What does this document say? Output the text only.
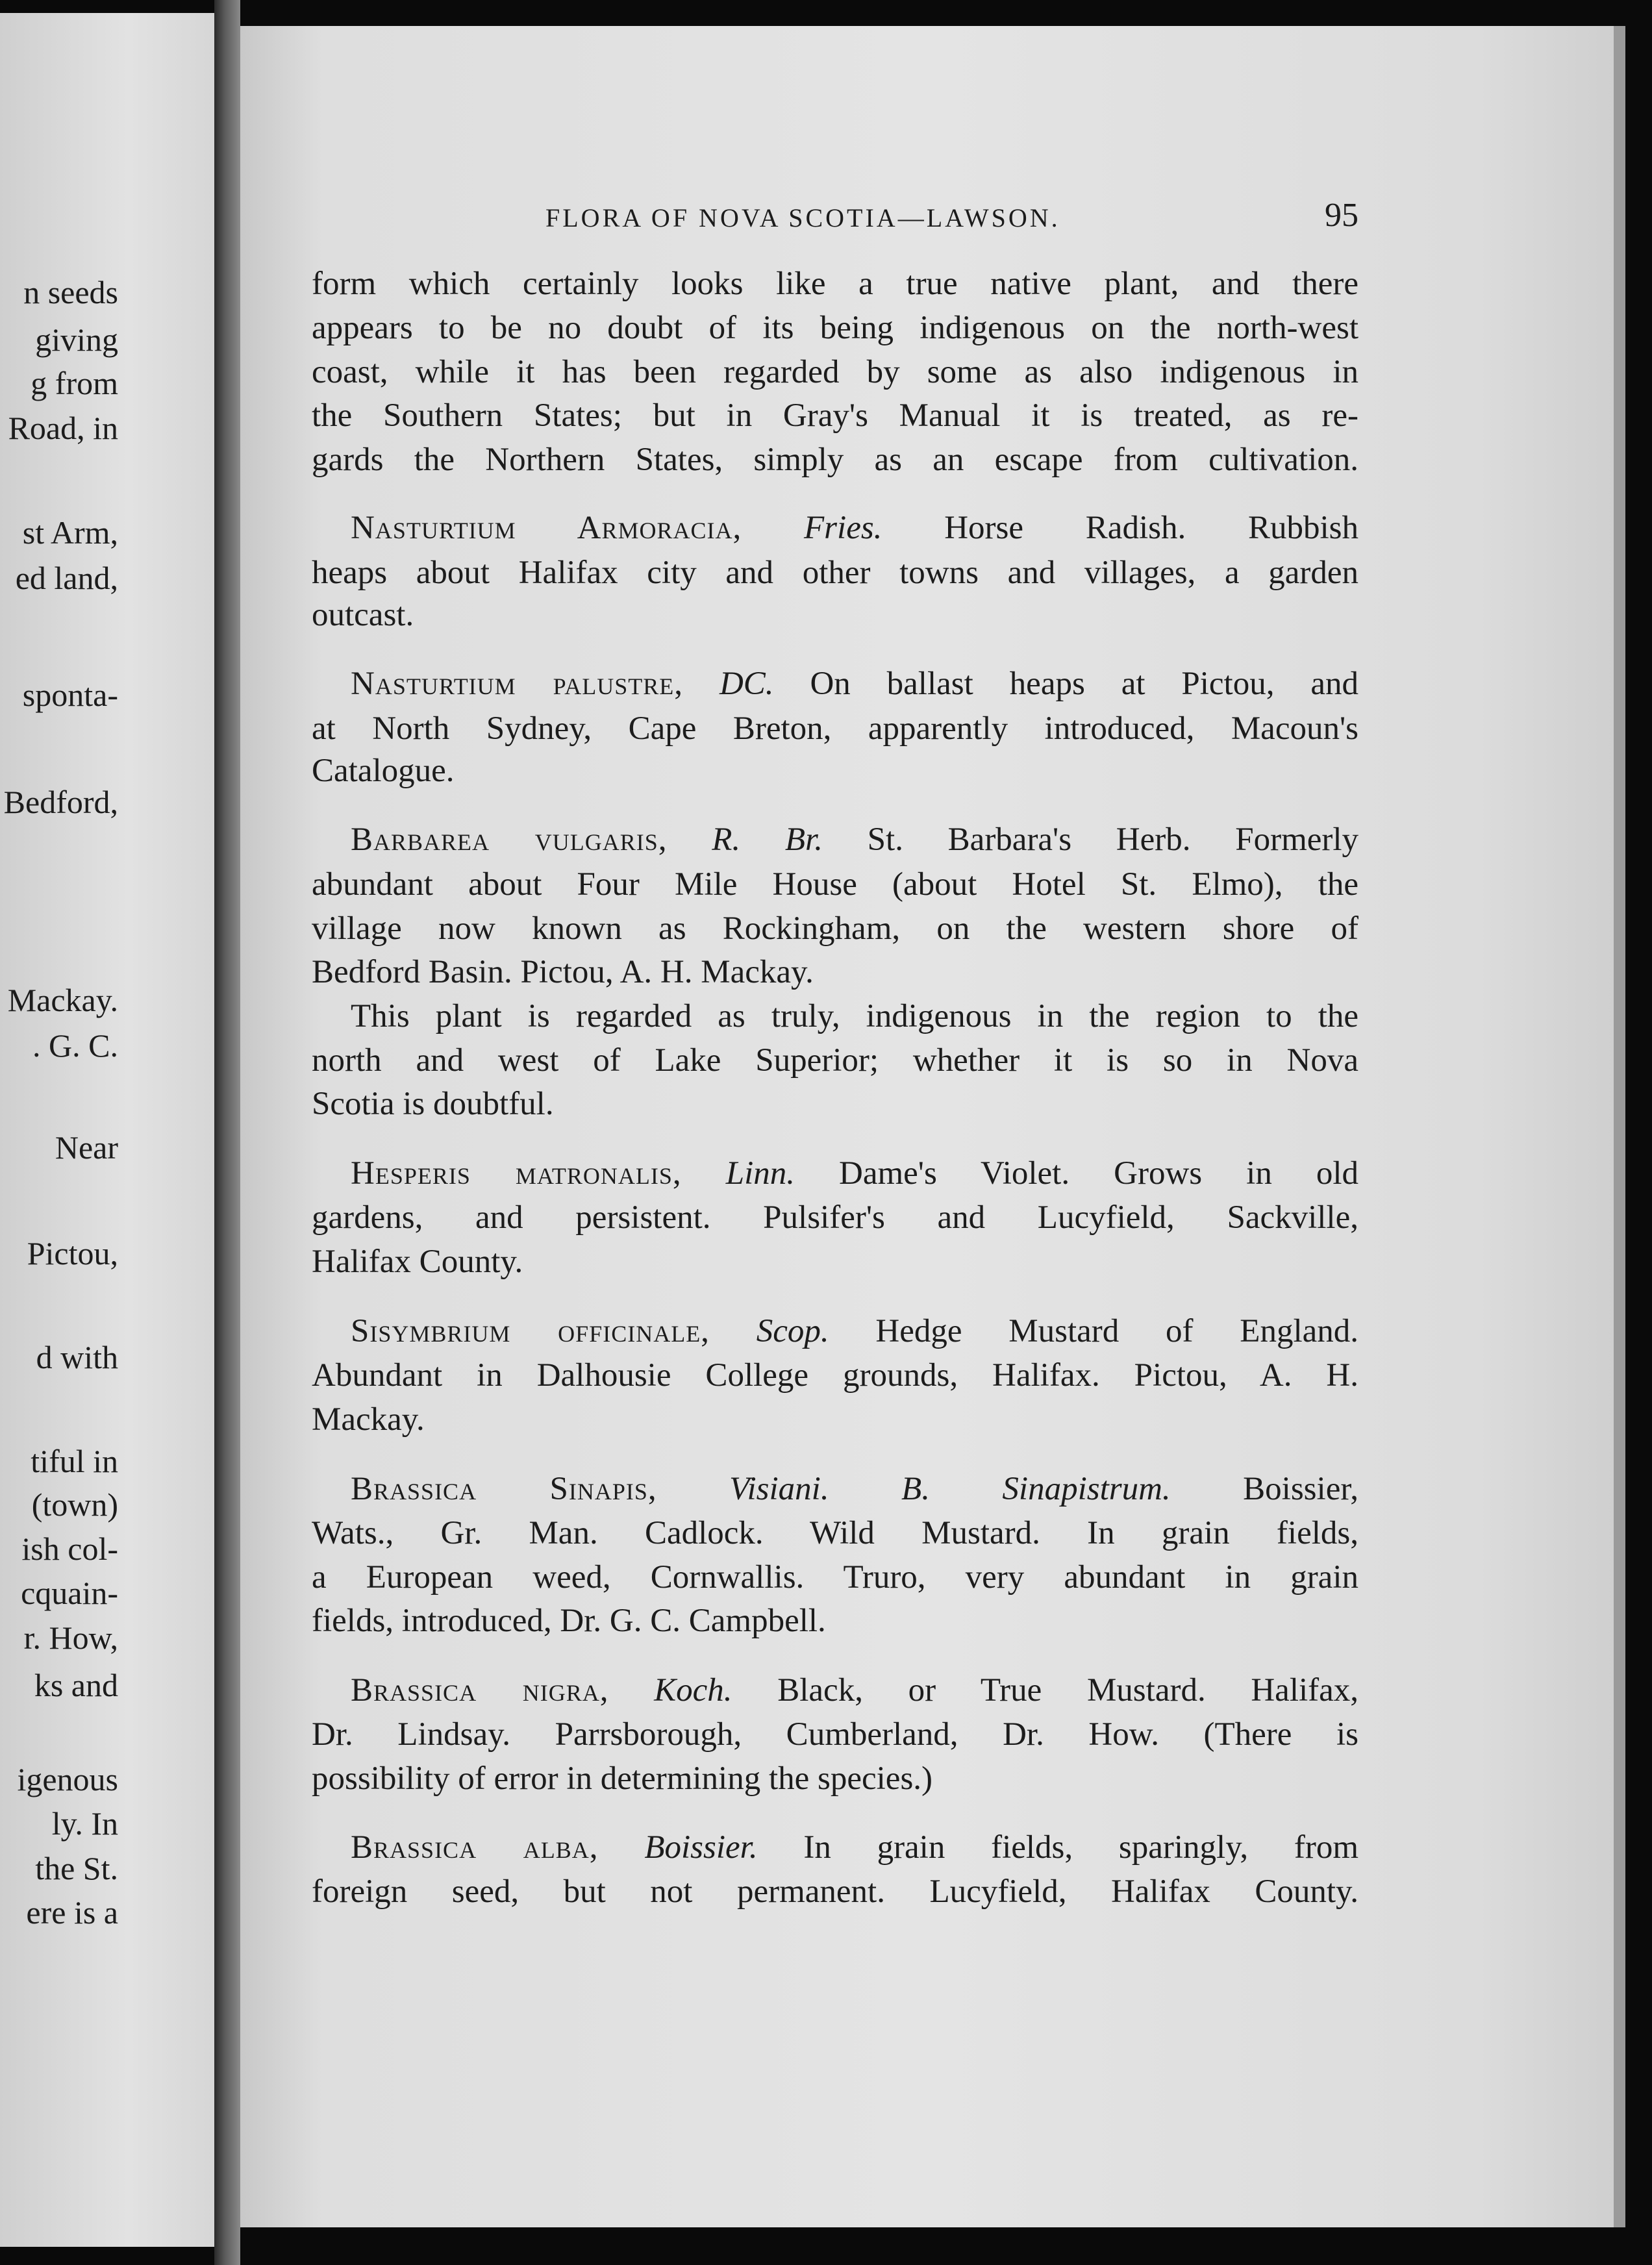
n seeds
giving
g from
Road, in
st Arm,
ed land,
sponta-
Bedford,
Mackay.
. G. C.
Near
Pictou,
d with
tiful in
(town)
ish col-
cquain-
r. How,
ks and
igenous
ly. In
the St.
ere is a
FLORA OF NOVA SCOTIA—LAWSON.	95
form which certainly looks like a true native plant, and there
appears to be no doubt of its being indigenous on the north-west
coast, while it has been regarded by some as also indigenous in
the Southern States; but in Gray's Manual it is treated, as re-
gards the Northern States, simply as an escape from cultivation.
Nasturtium Armoracia, Fries. Horse Radish. Rubbish
heaps about Halifax city and other towns and villages, a garden
outcast.
Nasturtium palustre, DC. On ballast heaps at Pictou, and
at North Sydney, Cape Breton, apparently introduced, Macoun's
Catalogue.
Barbarea vulgaris, R. Br. St. Barbara's Herb. Formerly
abundant about Four Mile House (about Hotel St. Elmo), the
village now known as Rockingham, on the western shore of
Bedford Basin. Pictou, A. H. Mackay.
This plant is regarded as truly, indigenous in the region to the
north and west of Lake Superior; whether it is so in Nova
Scotia is doubtful.
Hesperis matronalis, Linn. Dame's Violet. Grows in old
gardens, and persistent. Pulsifer's and Lucyfield, Sackville,
Halifax County.
Sisymbrium officinale, Scop. Hedge Mustard of England.
Abundant in Dalhousie College grounds, Halifax. Pictou, A. H.
Mackay.
Brassica Sinapis, Visiani. B. Sinapistrum. Boissier,
Wats., Gr. Man. Cadlock. Wild Mustard. In grain fields,
a European weed, Cornwallis. Truro, very abundant in grain
fields, introduced, Dr. G. C. Campbell.
Brassica nigra, Koch. Black, or True Mustard. Halifax,
Dr. Lindsay. Parrsborough, Cumberland, Dr. How. (There is
possibility of error in determining the species.)
Brassica alba, Boissier. In grain fields, sparingly, from
foreign seed, but not permanent. Lucyfield, Halifax County.
